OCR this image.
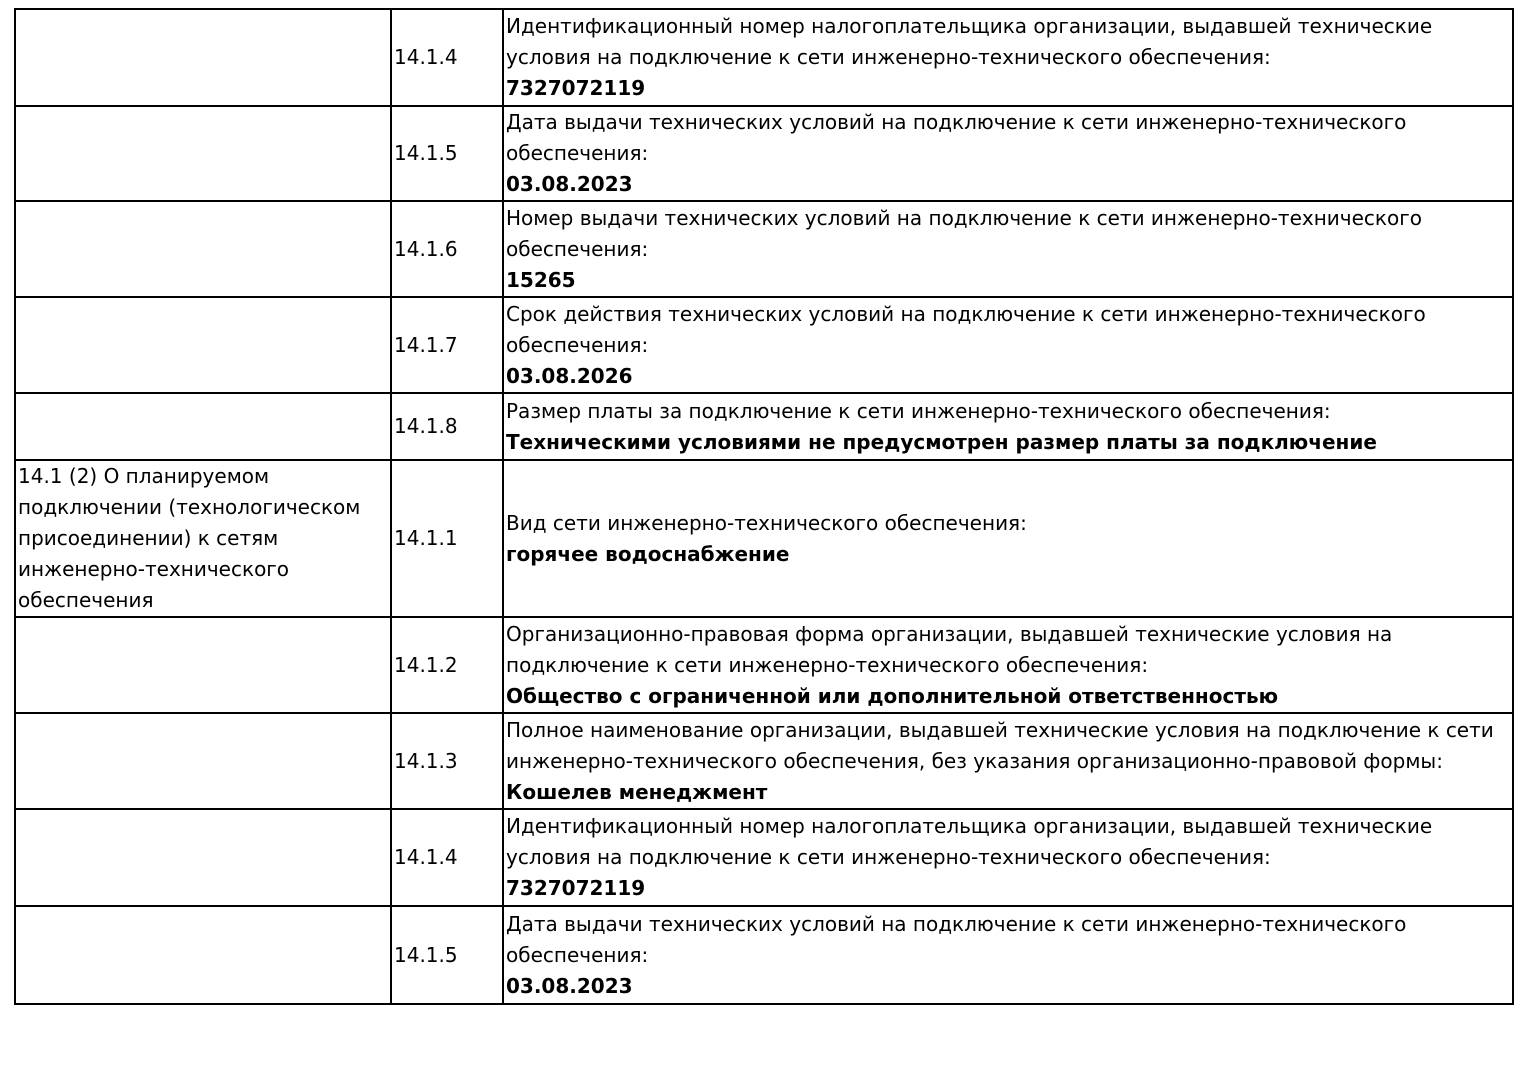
	14.1.4	Идентификационный номер налогоплательщика организации, выдавшей технические условия на подключение к сети инженерно-технического обеспечения:
7327072119

	14.1.5	Дата выдачи технических условий на подключение к сети инженерно-технического обеспечения:
03.08.2023

	14.1.6	Номер выдачи технических условий на подключение к сети инженерно-технического обеспечения:
15265

	14.1.7	Срок действия технических условий на подключение к сети инженерно-технического обеспечения:
03.08.2026

	14.1.8	Размер платы за подключение к сети инженерно-технического обеспечения:
Техническими условиями не предусмотрен размер платы за подключение

14.1 (2) О планируемом подключении (технологическом присоединении) к сетям инженерно-технического обеспечения	14.1.1	Вид сети инженерно-технического обеспечения:
горячее водоснабжение

	14.1.2	Организационно-правовая форма организации, выдавшей технические условия на подключение к сети инженерно-технического обеспечения:
Общество с ограниченной или дополнительной ответственностью

	14.1.3	Полное наименование организации, выдавшей технические условия на подключение к сети инженерно-технического обеспечения, без указания организационно-правовой формы:
Кошелев менеджмент

	14.1.4	Идентификационный номер налогоплательщика организации, выдавшей технические условия на подключение к сети инженерно-технического обеспечения:
7327072119

	14.1.5	Дата выдачи технических условий на подключение к сети инженерно-технического обеспечения:
03.08.2023
